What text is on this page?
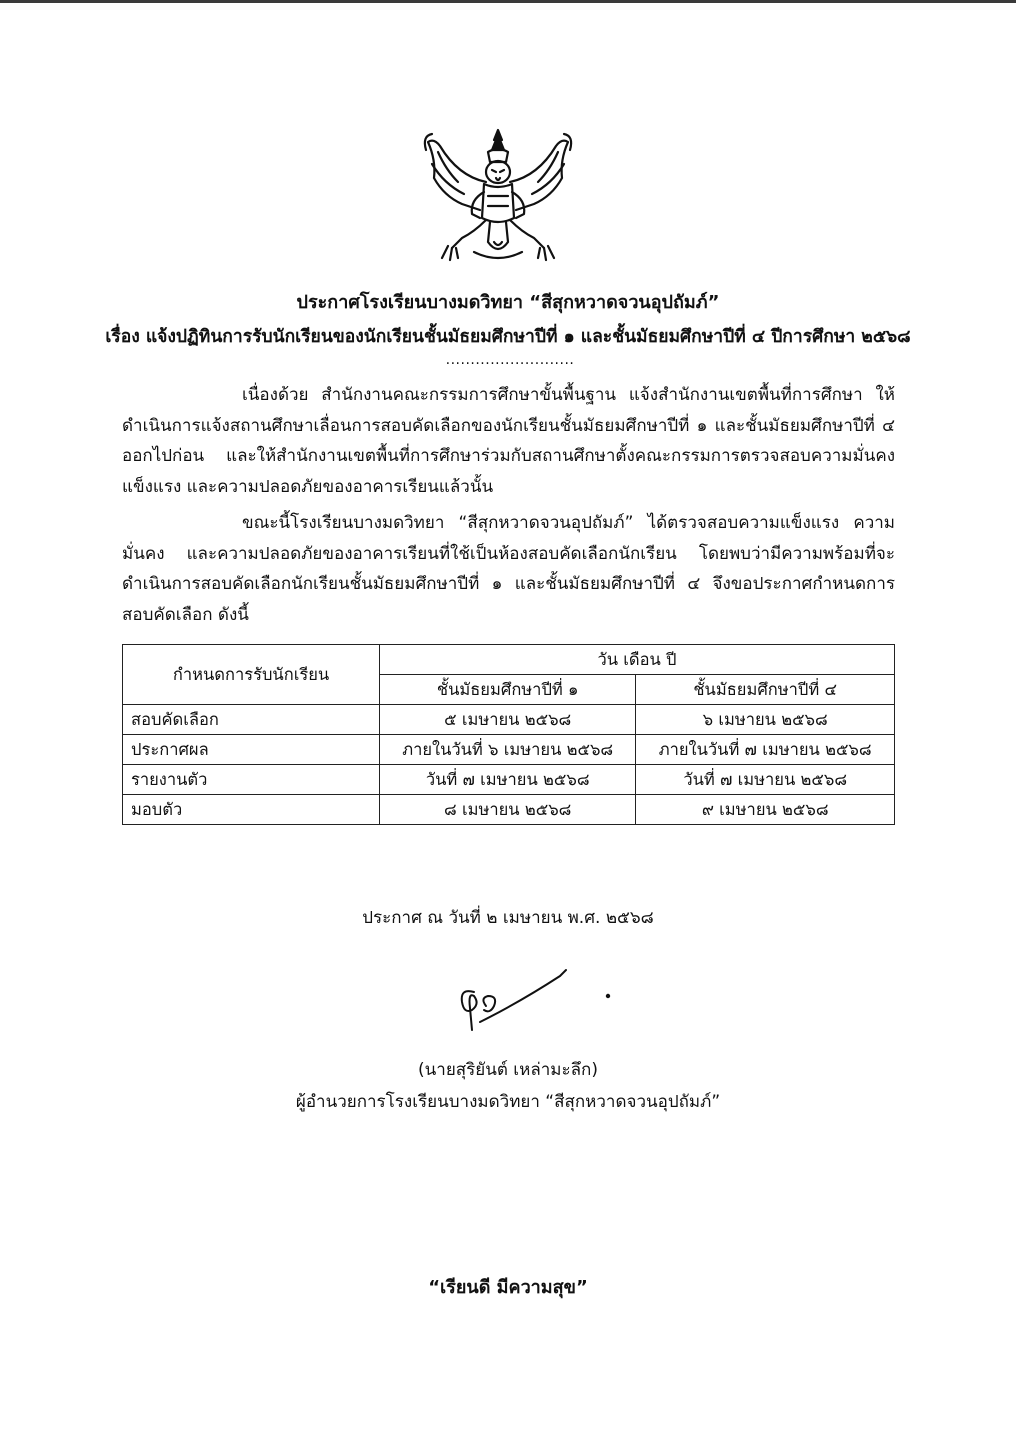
ประกาศโรงเรียนบางมดวิทยา “สีสุกหวาดจวนอุปถัมภ์”
เรื่อง แจ้งปฏิทินการรับนักเรียนของนักเรียนชั้นมัธยมศึกษาปีที่ ๑ และชั้นมัธยมศึกษาปีที่ ๔ ปีการศึกษา ๒๕๖๘
..........................

เนื่องด้วย สำนักงานคณะกรรมการศึกษาขั้นพื้นฐาน แจ้งสำนักงานเขตพื้นที่การศึกษา ให้ดำเนินการแจ้งสถานศึกษาเลื่อนการสอบคัดเลือกของนักเรียนชั้นมัธยมศึกษาปีที่ ๑ และชั้นมัธยมศึกษาปีที่ ๔ ออกไปก่อน และให้สำนักงานเขตพื้นที่การศึกษาร่วมกับสถานศึกษาตั้งคณะกรรมการตรวจสอบความมั่นคง แข็งแรง และความปลอดภัยของอาคารเรียนแล้วนั้น

ขณะนี้โรงเรียนบางมดวิทยา “สีสุกหวาดจวนอุปถัมภ์” ได้ตรวจสอบความแข็งแรง ความมั่นคง และความปลอดภัยของอาคารเรียนที่ใช้เป็นห้องสอบคัดเลือกนักเรียน โดยพบว่ามีความพร้อมที่จะดำเนินการสอบคัดเลือกนักเรียนชั้นมัธยมศึกษาปีที่ ๑ และชั้นมัธยมศึกษาปีที่ ๔ จึงขอประกาศกำหนดการสอบคัดเลือก ดังนี้

กำหนดการรับนักเรียน	วัน เดือน ปี	
	ชั้นมัธยมศึกษาปีที่ ๑	ชั้นมัธยมศึกษาปีที่ ๔
สอบคัดเลือก	๕ เมษายน ๒๕๖๘	๖ เมษายน ๒๕๖๘
ประกาศผล	ภายในวันที่ ๖ เมษายน ๒๕๖๘	ภายในวันที่ ๗ เมษายน ๒๕๖๘
รายงานตัว	วันที่ ๗ เมษายน ๒๕๖๘	วันที่ ๗ เมษายน ๒๕๖๘
มอบตัว	๘ เมษายน ๒๕๖๘	๙ เมษายน ๒๕๖๘
ประกาศ ณ วันที่ ๒ เมษายน พ.ศ. ๒๕๖๘
(นายสุริยันต์ เหล่ามะลึก)
ผู้อำนวยการโรงเรียนบางมดวิทยา “สีสุกหวาดจวนอุปถัมภ์”
“เรียนดี มีความสุข”
